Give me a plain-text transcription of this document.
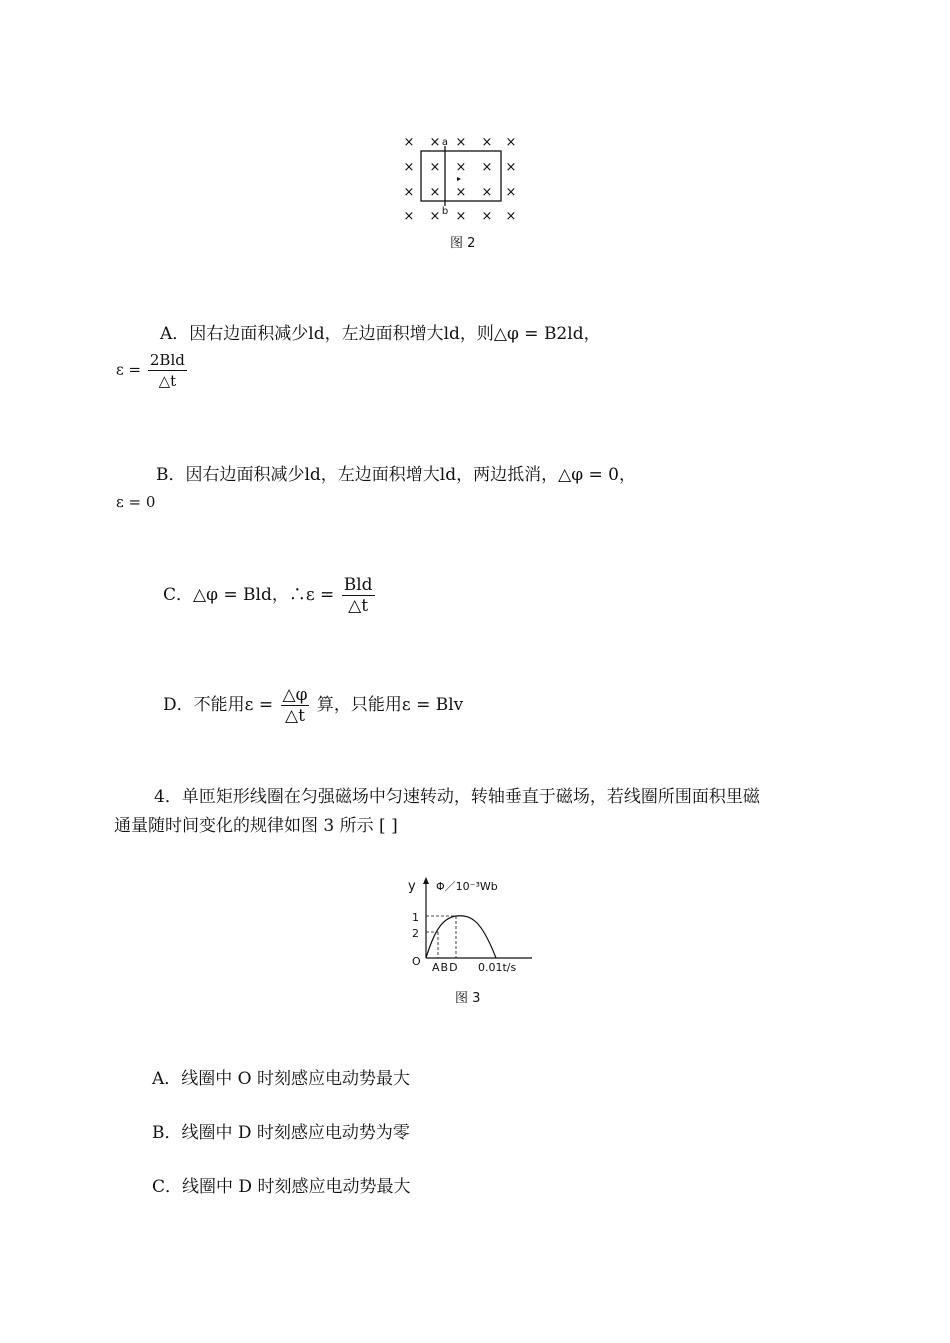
× × × × ×
× × × × ×
× × × × ×
× × × × ×
a
b
图 2
A．因右边面积减少ld，左边面积增大ld，则△φ = B2ld，
$\varepsilon = \frac{\text{2Bld}}{\triangle t}$
B．因右边面积减少ld，左边面积增大ld，两边抵消，△φ = 0，
ε = 0
C．△φ = Bld，∴ε = $\frac{\text{Bld}}{\triangle t}$
D．不能用$\varepsilon = \frac{\triangle\varphi}{\triangle t}$ 算，只能用ε = Blv
4．单匝矩形线圈在匀强磁场中匀速转动，转轴垂直于磁场，若线圈所围面积里磁
通量随时间变化的规律如图 3 所示 [ ]
y Φ／10⁻³Wb
1
2
O ABD 0.01t/s
图 3
A．线圈中 O 时刻感应电动势最大
B．线圈中 D 时刻感应电动势为零
C．线圈中 D 时刻感应电动势最大
